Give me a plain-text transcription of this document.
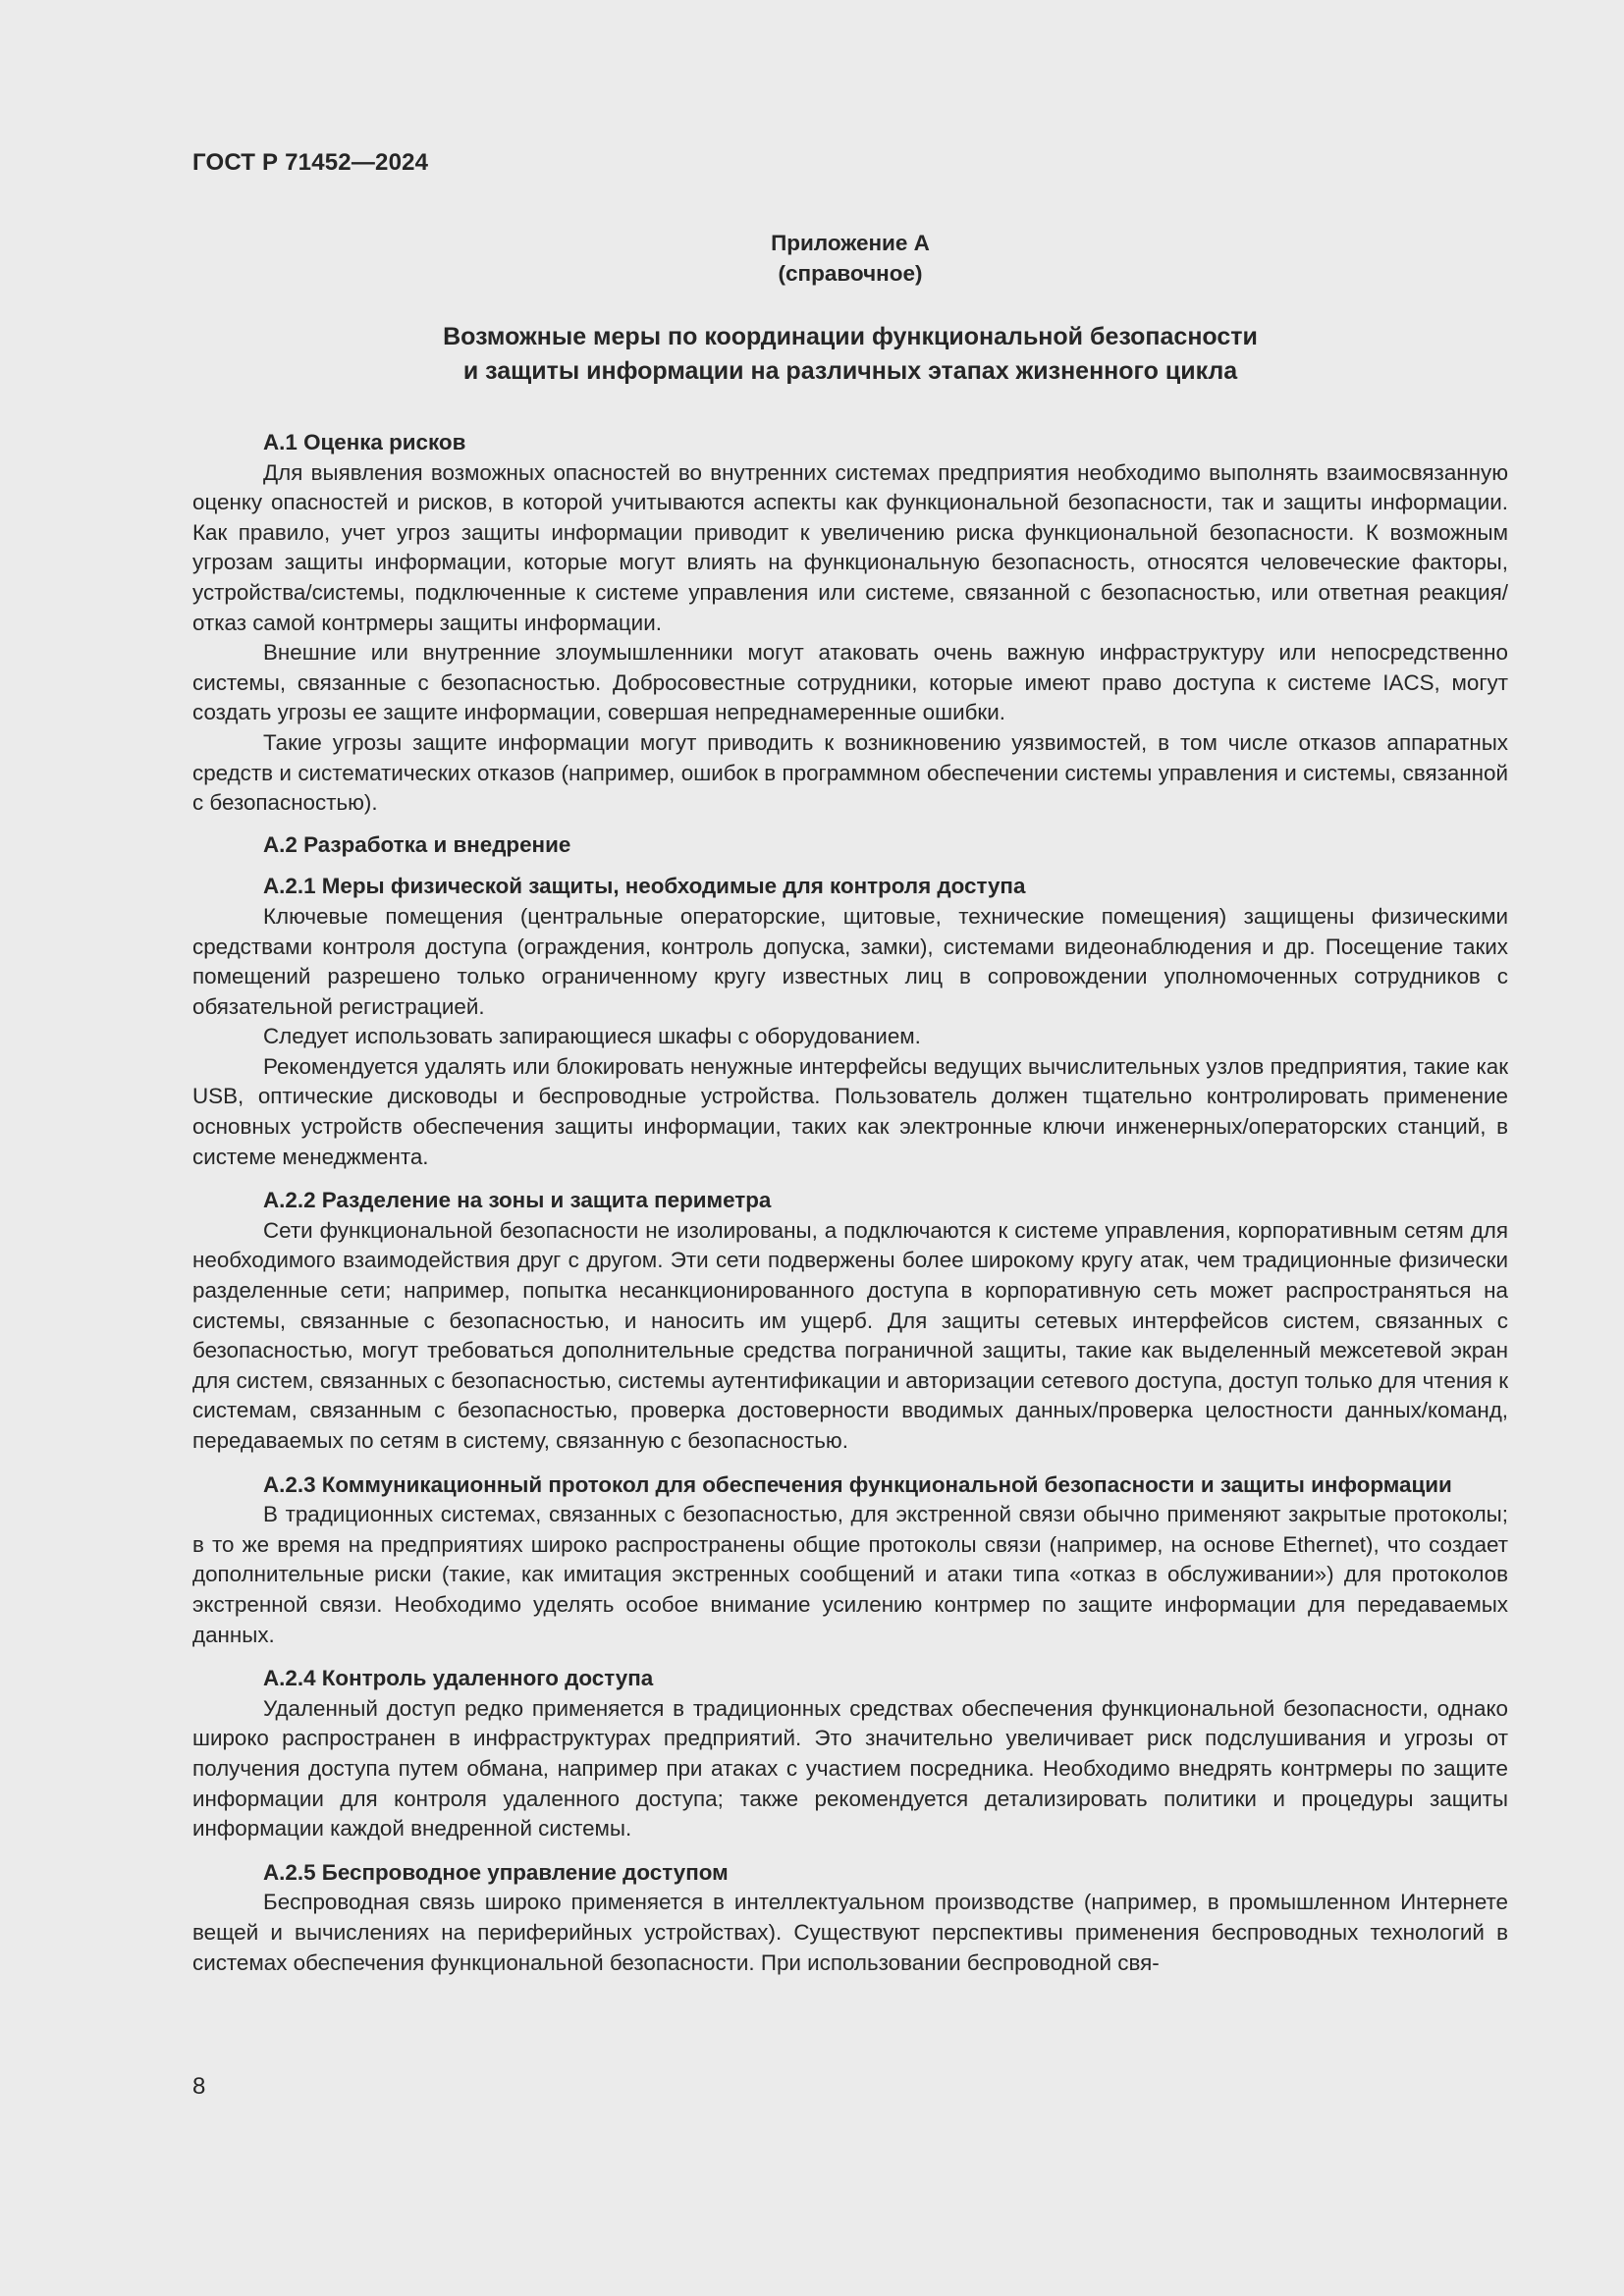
ГОСТ Р 71452—2024
Приложение А
(справочное)
Возможные меры по координации функциональной безопасности
и защиты информации на различных этапах жизненного цикла
А.1 Оценка рисков

Для выявления возможных опасностей во внутренних системах предприятия необходимо выполнять взаимосвязанную оценку опасностей и рисков, в которой учитываются аспекты как функциональной безопасности, так и защиты информации. Как правило, учет угроз защиты информации приводит к увеличению риска функциональной безопасности. К возможным угрозам защиты информации, которые могут влиять на функциональную безопасность, относятся человеческие факторы, устройства/системы, подключенные к системе управления или системе, связанной с безопасностью, или ответная реакция/отказ самой контрмеры защиты информации.

Внешние или внутренние злоумышленники могут атаковать очень важную инфраструктуру или непосредственно системы, связанные с безопасностью. Добросовестные сотрудники, которые имеют право доступа к системе IACS, могут создать угрозы ее защите информации, совершая непреднамеренные ошибки.

Такие угрозы защите информации могут приводить к возникновению уязвимостей, в том числе отказов аппаратных средств и систематических отказов (например, ошибок в программном обеспечении системы управления и системы, связанной с безопасностью).

А.2 Разработка и внедрение
А.2.1 Меры физической защиты, необходимые для контроля доступа

Ключевые помещения (центральные операторские, щитовые, технические помещения) защищены физическими средствами контроля доступа (ограждения, контроль допуска, замки), системами видеонаблюдения и др. Посещение таких помещений разрешено только ограниченному кругу известных лиц в сопровождении уполномоченных сотрудников с обязательной регистрацией.

Следует использовать запирающиеся шкафы с оборудованием.

Рекомендуется удалять или блокировать ненужные интерфейсы ведущих вычислительных узлов предприятия, такие как USB, оптические дисководы и беспроводные устройства. Пользователь должен тщательно контролировать применение основных устройств обеспечения защиты информации, таких как электронные ключи инженерных/операторских станций, в системе менеджмента.

А.2.2 Разделение на зоны и защита периметра

Сети функциональной безопасности не изолированы, а подключаются к системе управления, корпоративным сетям для необходимого взаимодействия друг с другом. Эти сети подвержены более широкому кругу атак, чем традиционные физически разделенные сети; например, попытка несанкционированного доступа в корпоративную сеть может распространяться на системы, связанные с безопасностью, и наносить им ущерб. Для защиты сетевых интерфейсов систем, связанных с безопасностью, могут требоваться дополнительные средства пограничной защиты, такие как выделенный межсетевой экран для систем, связанных с безопасностью, системы аутентификации и авторизации сетевого доступа, доступ только для чтения к системам, связанным с безопасностью, проверка достоверности вводимых данных/проверка целостности данных/команд, передаваемых по сетям в систему, связанную с безопасностью.

А.2.3 Коммуникационный протокол для обеспечения функциональной безопасности и защиты информации

В традиционных системах, связанных с безопасностью, для экстренной связи обычно применяют закрытые протоколы; в то же время на предприятиях широко распространены общие протоколы связи (например, на основе Ethernet), что создает дополнительные риски (такие, как имитация экстренных сообщений и атаки типа «отказ в обслуживании») для протоколов экстренной связи. Необходимо уделять особое внимание усилению контрмер по защите информации для передаваемых данных.

А.2.4 Контроль удаленного доступа

Удаленный доступ редко применяется в традиционных средствах обеспечения функциональной безопасности, однако широко распространен в инфраструктурах предприятий. Это значительно увеличивает риск подслушивания и угрозы от получения доступа путем обмана, например при атаках с участием посредника. Необходимо внедрять контрмеры по защите информации для контроля удаленного доступа; также рекомендуется детализировать политики и процедуры защиты информации каждой внедренной системы.

А.2.5 Беспроводное управление доступом

Беспроводная связь широко применяется в интеллектуальном производстве (например, в промышленном Интернете вещей и вычислениях на периферийных устройствах). Существуют перспективы применения беспроводных технологий в системах обеспечения функциональной безопасности. При использовании беспроводной свя-

8
